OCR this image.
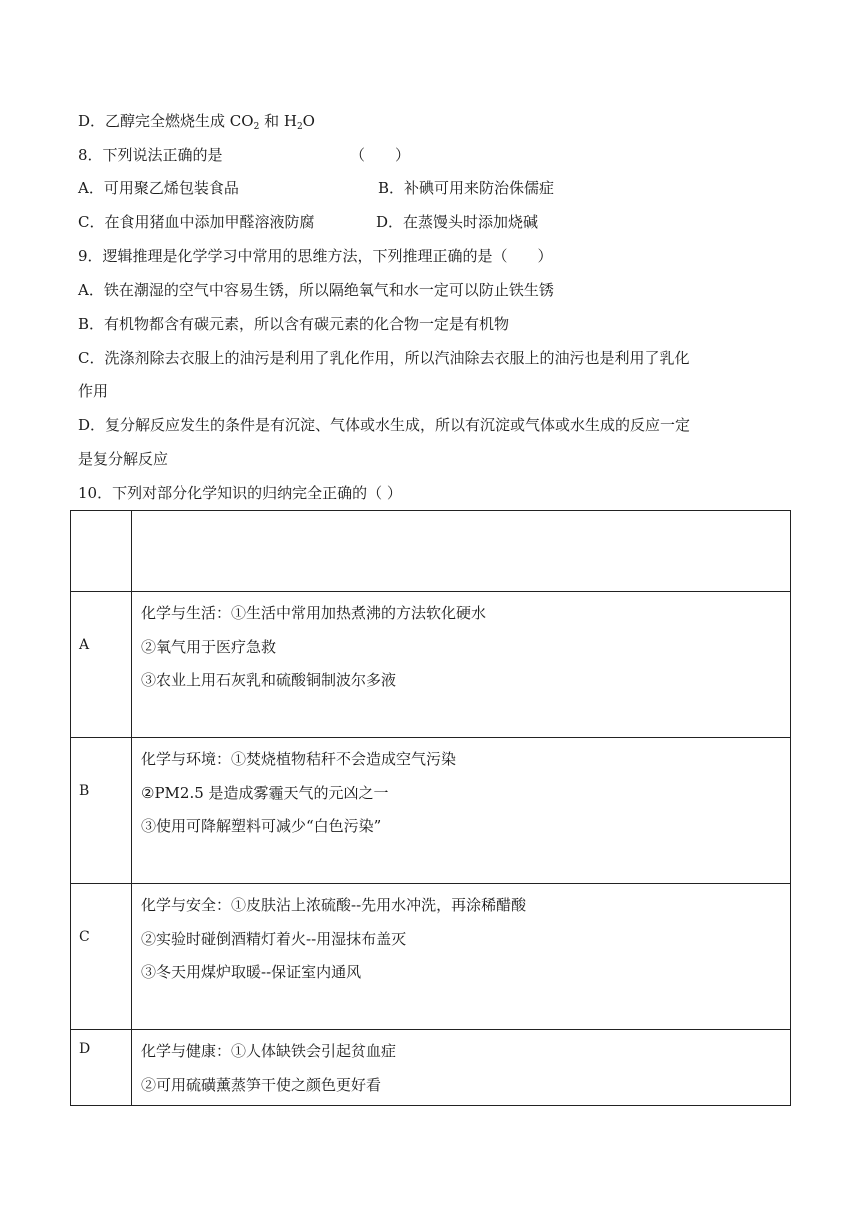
D．乙醇完全燃烧生成 $CO_2$ 和 $H_2O$
8．下列说法正确的是　　　　　　　　　（　　）
A．可用聚乙烯包装食品	B．补碘可用来防治侏儒症
C．在食用猪血中添加甲醛溶液防腐	D．在蒸馒头时添加烧碱
9．逻辑推理是化学学习中常用的思维方法，下列推理正确的是（　　）
A．铁在潮湿的空气中容易生锈，所以隔绝氧气和水一定可以防止铁生锈
B．有机物都含有碳元素，所以含有碳元素的化合物一定是有机物
C．洗涤剂除去衣服上的油污是利用了乳化作用，所以汽油除去衣服上的油污也是利用了乳化
作用
D．复分解反应发生的条件是有沉淀、气体或水生成，所以有沉淀或气体或水生成的反应一定
是复分解反应
10．下列对部分化学知识的归纳完全正确的（ ）
A
化学与生活：①生活中常用加热煮沸的方法软化硬水
②氧气用于医疗急救
③农业上用石灰乳和硫酸铜制波尔多液
B
化学与环境：①焚烧植物秸秆不会造成空气污染
②PM2.5 是造成雾霾天气的元凶之一
③使用可降解塑料可减少“白色污染”
C
化学与安全：①皮肤沾上浓硫酸--先用水冲洗，再涂稀醋酸
②实验时碰倒酒精灯着火--用湿抹布盖灭
③冬天用煤炉取暖--保证室内通风
D	化学与健康：①人体缺铁会引起贫血症
②可用硫磺薰蒸笋干使之颜色更好看
